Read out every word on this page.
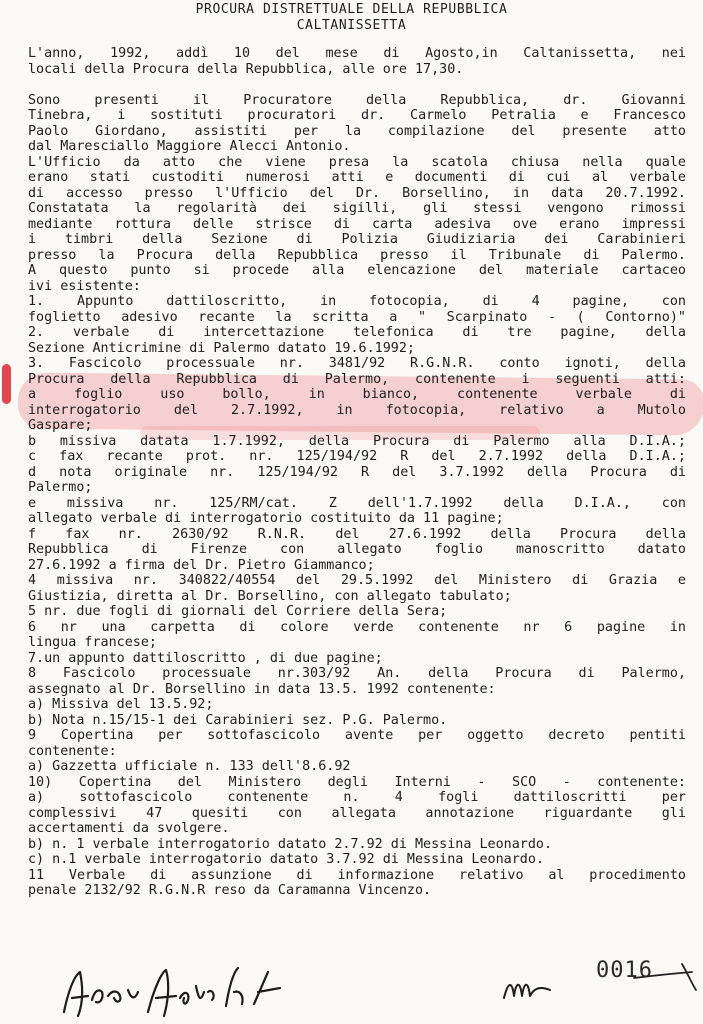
PROCURA DISTRETTUALE DELLA REPUBBLICA
CALTANISSETTA
L'anno, 1992, addì 10 del mese di Agosto,in Caltanissetta, nei
locali della Procura della Repubblica, alle ore 17,30.
Sono presenti il Procuratore della Repubblica, dr. Giovanni
Tinebra, i sostituti procuratori dr. Carmelo Petralia e Francesco
Paolo Giordano, assistiti per la compilazione del presente atto
dal Maresciallo Maggiore Alecci Antonio.
L'Ufficio da atto che viene presa la scatola chiusa nella quale
erano stati custoditi numerosi atti e documenti di cui al verbale
di accesso presso l'Ufficio del Dr. Borsellino, in data 20.7.1992.
Constatata la regolarità dei sigilli, gli stessi vengono rimossi
mediante rottura delle strisce di carta adesiva ove erano impressi
i timbri della Sezione di Polizia Giudiziaria dei Carabinieri
presso la Procura della Repubblica presso il Tribunale di Palermo.
A questo punto si procede alla elencazione del materiale cartaceo
ivi esistente:
1. Appunto dattiloscritto, in fotocopia, di 4 pagine, con
foglietto adesivo recante la scritta a " Scarpinato - ( Contorno)"
2. verbale di intercettazione telefonica di tre pagine, della
Sezione Anticrimine di Palermo datato 19.6.1992;
3. Fascicolo processuale nr. 3481/92 R.G.N.R. conto ignoti, della
Procura della Repubblica di Palermo, contenente i seguenti atti:
a foglio uso bollo, in bianco, contenente verbale di
interrogatorio del 2.7.1992, in fotocopia, relativo a Mutolo
Gaspare;
b missiva datata 1.7.1992, della Procura di Palermo alla D.I.A.;
c fax recante prot. nr. 125/194/92 R del 2.7.1992 della D.I.A.;
d nota originale nr. 125/194/92 R del 3.7.1992 della Procura di
Palermo;
e missiva nr. 125/RM/cat. Z dell'1.7.1992 della D.I.A., con
allegato verbale di interrogatorio costituito da 11 pagine;
f fax nr. 2630/92 R.N.R. del 27.6.1992 della Procura della
Repubblica di Firenze con allegato foglio manoscritto datato
27.6.1992 a firma del Dr. Pietro Giammanco;
4 missiva nr. 340822/40554 del 29.5.1992 del Ministero di Grazia e
Giustizia, diretta al Dr. Borsellino, con allegato tabulato;
5 nr. due fogli di giornali del Corriere della Sera;
6 nr una carpetta di colore verde contenente nr 6 pagine in
lingua francese;
7.un appunto dattiloscritto , di due pagine;
8 Fascicolo processuale nr.303/92 An. della Procura di Palermo,
assegnato al Dr. Borsellino in data 13.5. 1992 contenente:
a) Missiva del 13.5.92;
b) Nota n.15/15-1 dei Carabinieri sez. P.G. Palermo.
9 Copertina per sottofascicolo avente per oggetto decreto pentiti
contenente:
a) Gazzetta ufficiale n. 133 dell'8.6.92
10) Copertina del Ministero degli Interni - SCO - contenente:
a) sottofascicolo contenente n. 4 fogli dattiloscritti per
complessivi 47 quesiti con allegata annotazione riguardante gli
accertamenti da svolgere.
b) n. 1 verbale interrogatorio datato 2.7.92 di Messina Leonardo.
c) n.1 verbale interrogatorio datato 3.7.92 di Messina Leonardo.
11 Verbale di assunzione di informazione relativo al procedimento
penale 2132/92 R.G.N.R reso da Caramanna Vincenzo.
0016
